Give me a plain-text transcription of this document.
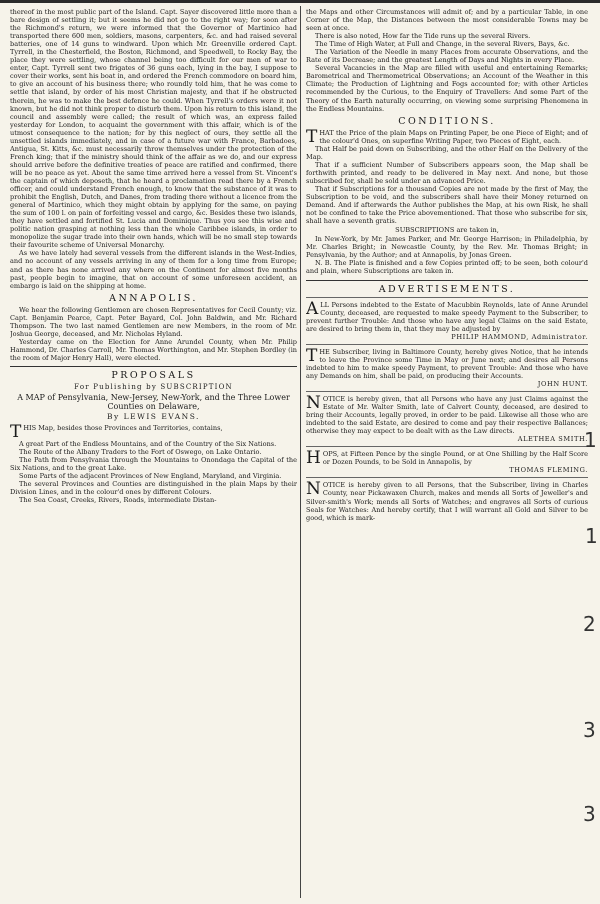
thereof in the most public part of the Island. Capt. Sayer discovered little more than a bare design of settling it; but it seems he did not go to the right way; for soon after the Richmond's return, we were informed that the Governor of Martinico had transported there 600 men, soldiers, masons, carpenters, &c. and had raised several batteries, one of 14 guns to windward. Upon which Mr. Greenville ordered Capt. Tyrrell, in the Chesterfield, the Boston, Richmond, and Speedwell, to Rocky Bay, the place they were settling, whose channel being too difficult for our men of war to enter, Capt. Tyrrell sent two frigates of 36 guns each, lying in the bay, I suppose to cover their works, sent his boat in, and ordered the French commodore on board him, to give an account of his business there; who roundly told him, that he was come to settle that island, by order of his most Christian majesty, and that if he obstructed therein, he was to make the best defence he could. When Tyrrell's orders were it not known, but he did not think proper to disturb them. Upon his return to this island, the council and assembly were called; the result of which was, an express failed yesterday for London, to acquaint the government with this affair, which is of the utmost consequence to the nation; for by this neglect of ours, they settle all the unsettled islands immediately, and in case of a future war with France, Barbadoes, Antigua, St. Kitts, &c. must necessarily throw themselves under the protection of the French king; that if the ministry should think of the affair as we do, and our express should arrive before the definitive treaties of peace are ratified and confirmed, there will be no peace as yet. About the same time arrived here a vessel from St. Vincent's the captain of which deposeth, that he heard a proclamation read there by a French officer, and could understand French enough, to know that the substance of it was to prohibit the English, Dutch, and Danes, from trading there without a licence from the general of Martinico, which they might obtain by applying for the same, on paying the sum of 100 l. on pain of forfeiting vessel and cargo, &c. Besides these two islands, they have settled and fortified St. Lucia and Dominique. Thus you see this wise and politic nation grasping at nothing less than the whole Caribbee islands, in order to monopolize the sugar trade into their own hands, which will be no small step towards their favourite scheme of Universal Monarchy.

As we have lately had several vessels from the different islands in the West-Indies, and no account of any vessels arriving in any of them for a long time from Europe; and as there has none arrived any where on the Continent for almost five months past, people begin to imagine, that on account of some unforeseen accident, an embargo is laid on the shipping at home.

ANNAPOLIS.

We hear the following Gentlemen are chosen Representatives for Cecil County; viz. Capt. Benjamin Pearce, Capt. Peter Bayard, Col. John Baldwin, and Mr. Richard Thompson. The two last named Gentlemen are new Members, in the room of Mr. Joshua George, deceased, and Mr. Nicholas Hyland.

Yesterday came on the Election for Anne Arundel County, when Mr. Philip Hammond, Dr. Charles Carroll, Mr. Thomas Worthington, and Mr. Stephen Bordley (in the room of Major Henry Hall), were elected.

PROPOSALS
For Publishing by SUBSCRIPTION
A MAP of Pensylvania, New-Jersey, New-York, and the Three Lower Counties on Delaware,
By LEWIS EVANS.
T HIS Map, besides those Provinces and Territories, contains,

A great Part of the Endless Mountains, and of the Country of the Six Nations.

The Route of the Albany Traders to the Fort of Oswego, on Lake Ontario.

The Path from Pensylvania through the Mountains to Onondaga the Capital of the Six Nations, and to the great Lake.

Some Parts of the adjacent Provinces of New England, Maryland, and Virginia.

The several Provinces and Counties are distinguished in the plain Maps by their Division Lines, and in the colour'd ones by different Colours.

The Sea Coast, Creeks, Rivers, Roads, intermediate Distan-

the Maps and other Circumstances will admit of; and by a particular Table, in one Corner of the Map, the Distances between the most considerable Towns may be seen at once.

There is also noted, How far the Tide runs up the several Rivers.

The Time of High Water, at Full and Change, in the several Rivers, Bays, &c.

The Variation of the Needle in many Places from accurate Observations, and the Rate of its Decrease; and the greatest Length of Days and Nights in every Place.

Several Vacancies in the Map are filled with useful and entertaining Remarks; Barometrical and Thermometrical Observations; an Account of the Weather in this Climate; the Production of Lightning and Fogs accounted for; with other Articles recommended by the Curious, to the Enquiry of Travellers: And some Part of the Theory of the Earth naturally occurring, on viewing some surprising Phenomena in the Endless Mountains.

CONDITIONS.
T HAT the Price of the plain Maps on Printing Paper, be one Piece of Eight; and of the colour'd Ones, on superfine Writing Paper, two Pieces of Eight, each.

That Half be paid down on Subscribing, and the other Half on the Delivery of the Map.

That if a sufficient Number of Subscribers appears soon, the Map shall be forthwith printed, and ready to be delivered in May next. And none, but those subscribed for, shall be sold under an advanced Price.

That if Subscriptions for a thousand Copies are not made by the first of May, the Subscription to be void, and the subscribers shall have their Money returned on Demand. And if afterwards the Author publishes the Map, at his own Risk, he shall not be confined to take the Price abovementioned. That those who subscribe for six, shall have a seventh gratis.

SUBSCRIPTIONS are taken in,

In New-York, by Mr. James Parker, and Mr. George Harrison; in Philadelphia, by Mr. Charles Bright; in Newcastle County, by the Rev. Mr. Thomas Bright; in Pensylvania, by the Author; and at Annapolis, by Jonas Green.

N. B. The Plate is finished and a few Copies printed off; to be seen, both colour'd and plain, where Subscriptions are taken in.

ADVERTISEMENTS.
A LL Persons indebted to the Estate of Macubbin Reynolds, late of Anne Arundel County, deceased, are requested to make speedy Payment to the Subscriber, to prevent further Trouble: And those who have any legal Claims on the said Estate, are desired to bring them in, that they may be adjusted by

PHILIP HAMMOND, Administrator.

T HE Subscriber, living in Baltimore County, hereby gives Notice, that he intends to leave the Province some Time in May or June next; and desires all Persons indebted to him to make speedy Payment, to prevent Trouble: And those who have any Demands on him, shall be paid, on producing their Accounts.

JOHN HUNT.

N OTICE is hereby given, that all Persons who have any just Claims against the Estate of Mr. Walter Smith, late of Calvert County, deceased, are desired to bring their Accounts, legally proved, in order to be paid. Likewise all those who are indebted to the said Estate, are desired to come and pay their respective Ballances; otherwise they may expect to be dealt with as the Law directs.

ALETHEA SMITH.

H OPS, at Fifteen Pence by the single Pound, or at One Shilling by the Half Score or Dozen Pounds, to be Sold in Annapolis, by

THOMAS FLEMING.

N OTICE is hereby given to all Persons, that the Subscriber, living in Charles County, near Pickawaxen Church, makes and mends all Sorts of Jeweller's and Silver-smith's Work; mends all Sorts of Watches; and engraves all Sorts of curious Seals for Watches: And hereby certify, that I will warrant all Gold and Silver to be good, which is mark-

1
1
2
3
3
